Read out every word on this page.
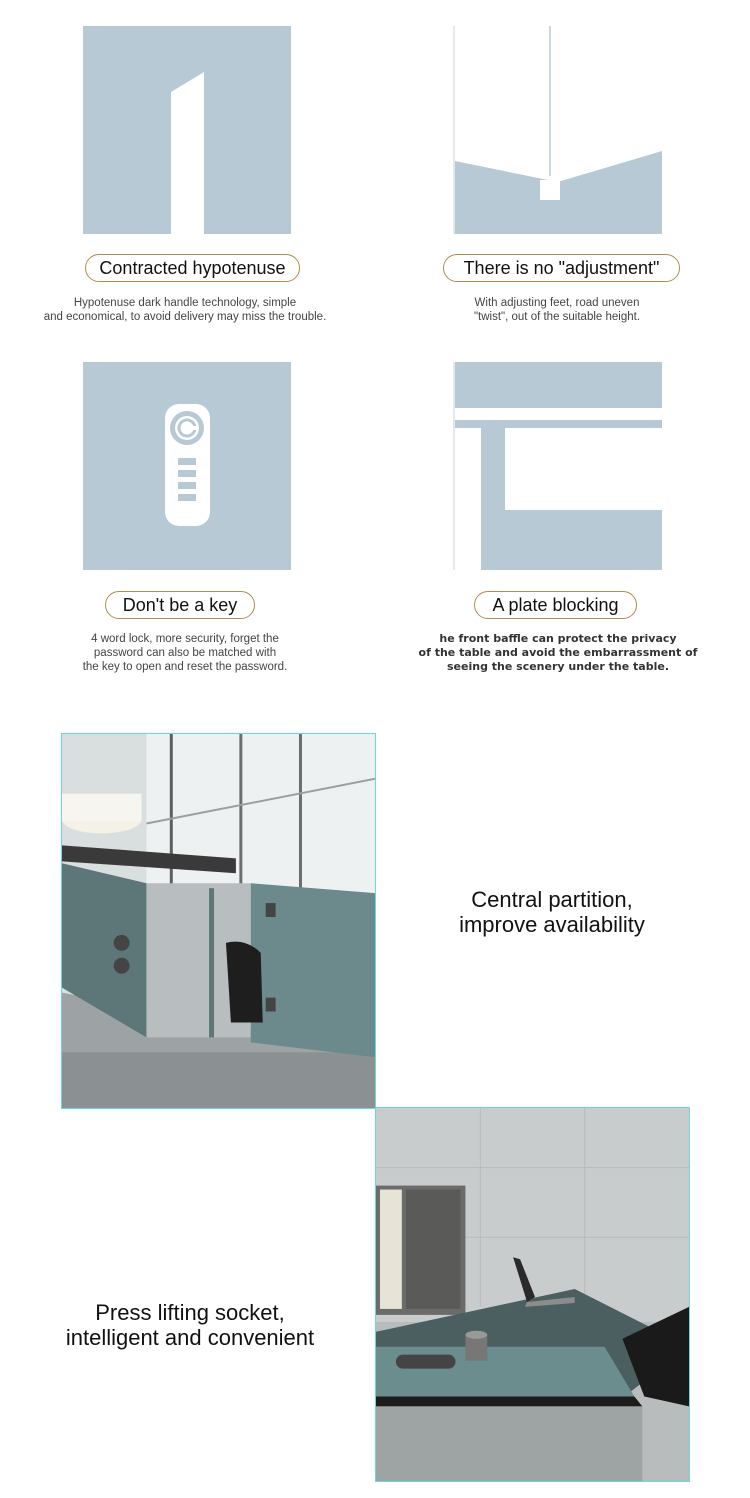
Contracted hypotenuse
Hypotenuse dark handle technology, simple
and economical, to avoid delivery may miss the trouble.
There is no "adjustment"
With adjusting feet, road uneven
"twist", out of the suitable height.
Don't be a key
4 word lock, more security, forget the
password can also be matched with
the key to open and reset the password.
A plate blocking
he front baffle can protect the privacy
of the table and avoid the embarrassment of
seeing the scenery under the table.
Central partition,
improve availability
Press lifting socket,
intelligent and convenient
